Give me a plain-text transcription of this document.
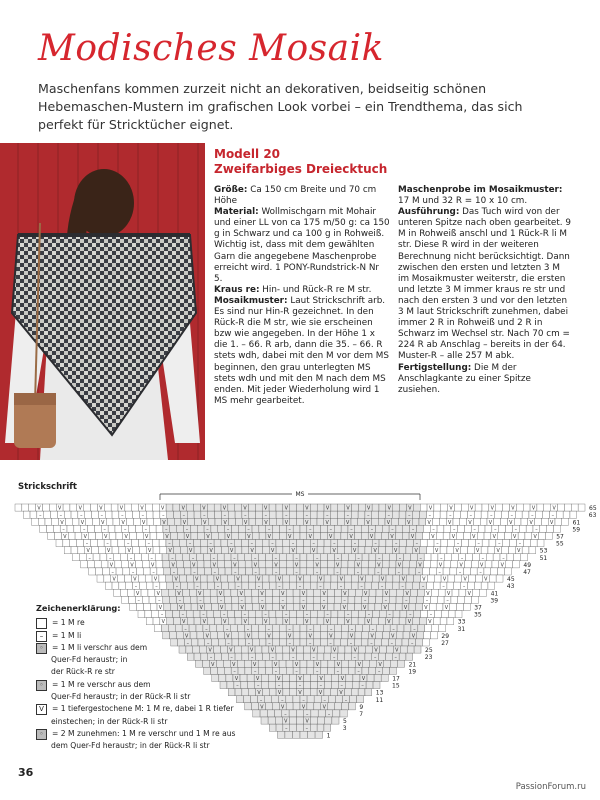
Modisches Mosaik
Maschenfans kommen zurzeit nicht an dekorativen, beidseitig schönen Hebemaschen-Mustern im grafischen Look vorbei – ein Trendthema, das sich perfekt für Stricktücher eignet.
Modell 20
Zweifarbiges Dreiecktuch
Größe: Ca 150 cm Breite und 70 cm Höhe
Material: Wollmischgarn mit Mohair und einer LL von ca 175 m/50 g: ca 150 g in Schwarz und ca 100 g in Rohweiß. Wichtig ist, dass mit dem gewählten Garn die angegebene Maschenprobe erreicht wird. 1 PONY-Rundstrick-N Nr 5.
Kraus re: Hin- und Rück-R re M str.
Mosaikmuster: Laut Strickschrift arb. Es sind nur Hin-R gezeichnet. In den Rück-R die M str, wie sie erscheinen bzw wie angegeben. In der Höhe 1 x die 1. – 66. R arb, dann die 35. – 66. R stets wdh, dabei mit den M vor dem MS beginnen, den grau unterlegten MS stets wdh und mit den M nach dem MS enden. Mit jeder Wiederholung wird 1 MS mehr gearbeitet.
Maschenprobe im Mosaikmuster: 17 M und 32 R = 10 x 10 cm.
Ausführung: Das Tuch wird von der unteren Spitze nach oben gearbeitet. 9 M in Rohweiß anschl und 1 Rück-R li M str. Diese R wird in der weiteren Berechnung nicht berücksichtigt. Dann zwischen den ersten und letzten 3 M im Mosaikmuster weiterstr, die ersten und letzte 3 M immer kraus re str und nach den ersten 3 und vor den letzten 3 M laut Strickschrift zunehmen, dabei immer 2 R in Rohweiß und 2 R in Schwarz im Wechsel str. Nach 70 cm = 224 R ab Anschlag – bereits in der 64. Muster-R – alle 257 M abk.
Fertigstellung: Die M der Anschlagkante zu einer Spitze zusiehen.
Strickschrift
MS
V	V	V	V	V	V	V	V	V	V	V	V	V	V	V	V	V	V	V	V	V	V	V	V	V	V	65
–	–	–	–	–	–	–	–	–	–	–	–	–	–	–	–	–	–	–	–	–	–	–	–	–	–	63
V	V	V	V	V	V	V	V	V	V	V	V	V	V	V	V	V	V	V	V	V	V	V	V	V	61
–	–	–	–	–	–	–	–	–	–	–	–	–	–	–	–	–	–	–	–	–	–	–	–	59
V	V	V	V	V	V	V	V	V	V	V	V	V	V	V	V	V	V	V	V	V	V	V	V	57
–	–	–	–	–	–	–	–	–	–	–	–	–	–	–	–	–	–	–	–	–	–	55
V	V	V	V	V	V	V	V	V	V	V	V	V	V	V	V	V	V	V	V	V	V	53
–	–	–	–	–	–	–	–	–	–	–	–	–	–	–	–	–	–	–	–	–	51
V	V	V	V	V	V	V	V	V	V	V	V	V	V	V	V	V	V	V	V	49
–	–	–	–	–	–	–	–	–	–	–	–	–	–	–	–	–	–	–	47
V	V	V	V	V	V	V	V	V	V	V	V	V	V	V	V	V	V	V	45
–	–	–	–	–	–	–	–	–	–	–	–	–	–	–	–	–	43
V	V	V	V	V	V	V	V	V	V	V	V	V	V	V	V	V	41
–	–	–	–	–	–	–	–	–	–	–	–	–	–	–	–	39
V	V	V	V	V	V	V	V	V	V	V	V	V	V	V	37
–	–	–	–	–	–	–	–	–	–	–	–	–	–	35
V	V	V	V	V	V	V	V	V	V	V	V	V	V	33
–	–	–	–	–	–	–	–	–	–	–	–	31
V	V	V	V	V	V	V	V	V	V	V	V	29
–	–	–	–	–	–	–	–	–	–	–	–	27
V	V	V	V	V	V	V	V	V	V	25
–	–	–	–	–	–	–	–	–	–	23
V	V	V	V	V	V	V	V	V	21
–	–	–	–	–	–	–	–	19
V	V	V	V	V	V	V	17
–	–	–	–	–	–	–	15
V	V	V	V	V	13
–	–	–	–	–	11
V	V	V	V	9
–	–	–	7
V	V	5
–	–	3
1
Zeichenerklärung:
= 1 M re
–	= 1 M li
◦	= 1 M li verschr aus dem
Quer-Fd heraustr; in
der Rück-R re str
◦	= 1 M re verschr aus dem
Quer-Fd heraustr; in der Rück-R li str
V	= 1 tiefergestochene M: 1 M re, dabei 1 R tiefer
einstechen; in der Rück-R li str
◦	= 2 M zunehmen: 1 M re verschr und 1 M re aus
dem Quer-Fd heraustr; in der Rück-R li str
36
PassionForum.ru
